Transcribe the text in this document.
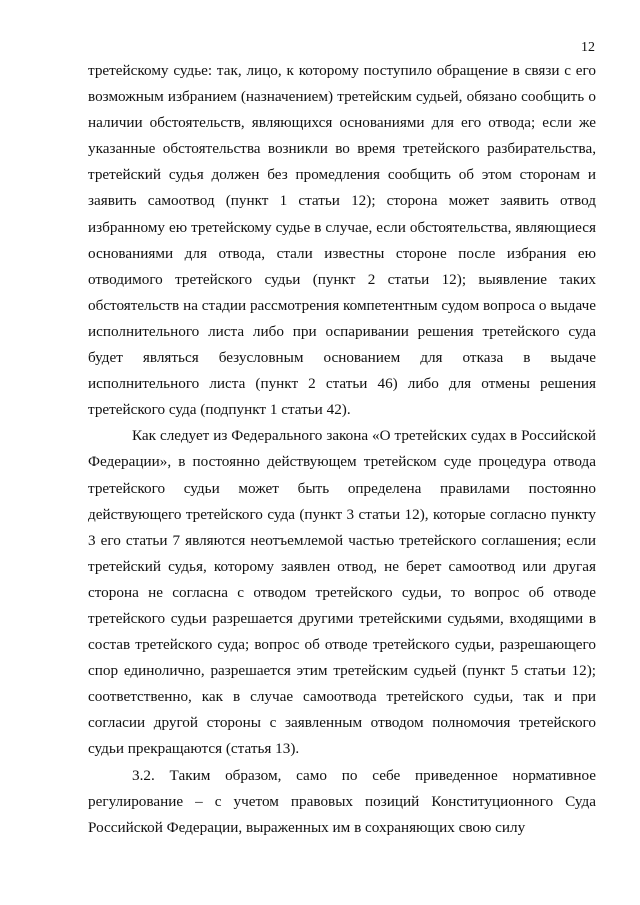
12

третейскому судье: так, лицо, к которому поступило обращение в связи с его возможным избранием (назначением) третейским судьей, обязано сообщить о наличии обстоятельств, являющихся основаниями для его отвода; если же указанные обстоятельства возникли во время третейского разбирательства, третейский судья должен без промедления сообщить об этом сторонам и заявить самоотвод (пункт 1 статьи 12); сторона может заявить отвод избранному ею третейскому судье в случае, если обстоятельства, являющиеся основаниями для отвода, стали известны стороне после избрания ею отводимого третейского судьи (пункт 2 статьи 12); выявление таких обстоятельств на стадии рассмотрения компетентным судом вопроса о выдаче исполнительного листа либо при оспаривании решения третейского суда будет являться безусловным основанием для отказа в выдаче исполнительного листа (пункт 2 статьи 46) либо для отмены решения третейского суда (подпункт 1 статьи 42).

Как следует из Федерального закона «О третейских судах в Российской Федерации», в постоянно действующем третейском суде процедура отвода третейского судьи может быть определена правилами постоянно действующего третейского суда (пункт 3 статьи 12), которые согласно пункту 3 его статьи 7 являются неотъемлемой частью третейского соглашения; если третейский судья, которому заявлен отвод, не берет самоотвод или другая сторона не согласна с отводом третейского судьи, то вопрос об отводе третейского судьи разрешается другими третейскими судьями, входящими в состав третейского суда; вопрос об отводе третейского судьи, разрешающего спор единолично, разрешается этим третейским судьей (пункт 5 статьи 12); соответственно, как в случае самоотвода третейского судьи, так и при согласии другой стороны с заявленным отводом полномочия третейского судьи прекращаются (статья 13).

3.2. Таким образом, само по себе приведенное нормативное регулирование – с учетом правовых позиций Конституционного Суда Российской Федерации, выраженных им в сохраняющих свою силу
